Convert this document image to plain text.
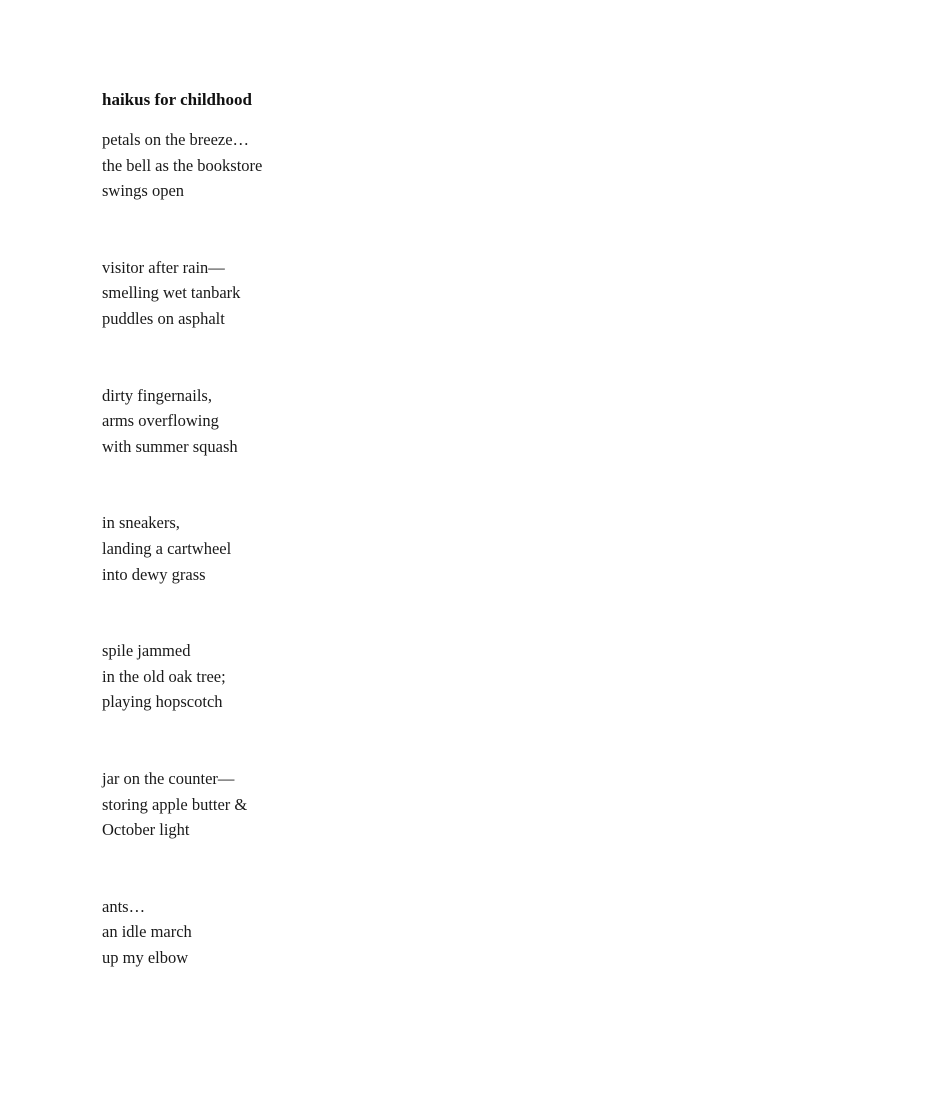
haikus for childhood
petals on the breeze…
the bell as the bookstore
swings open
visitor after rain—
smelling wet tanbark
puddles on asphalt
dirty fingernails,
arms overflowing
with summer squash
in sneakers,
landing a cartwheel
into dewy grass
spile jammed
in the old oak tree;
playing hopscotch
jar on the counter—
storing apple butter &
October light
ants…
an idle march
up my elbow
